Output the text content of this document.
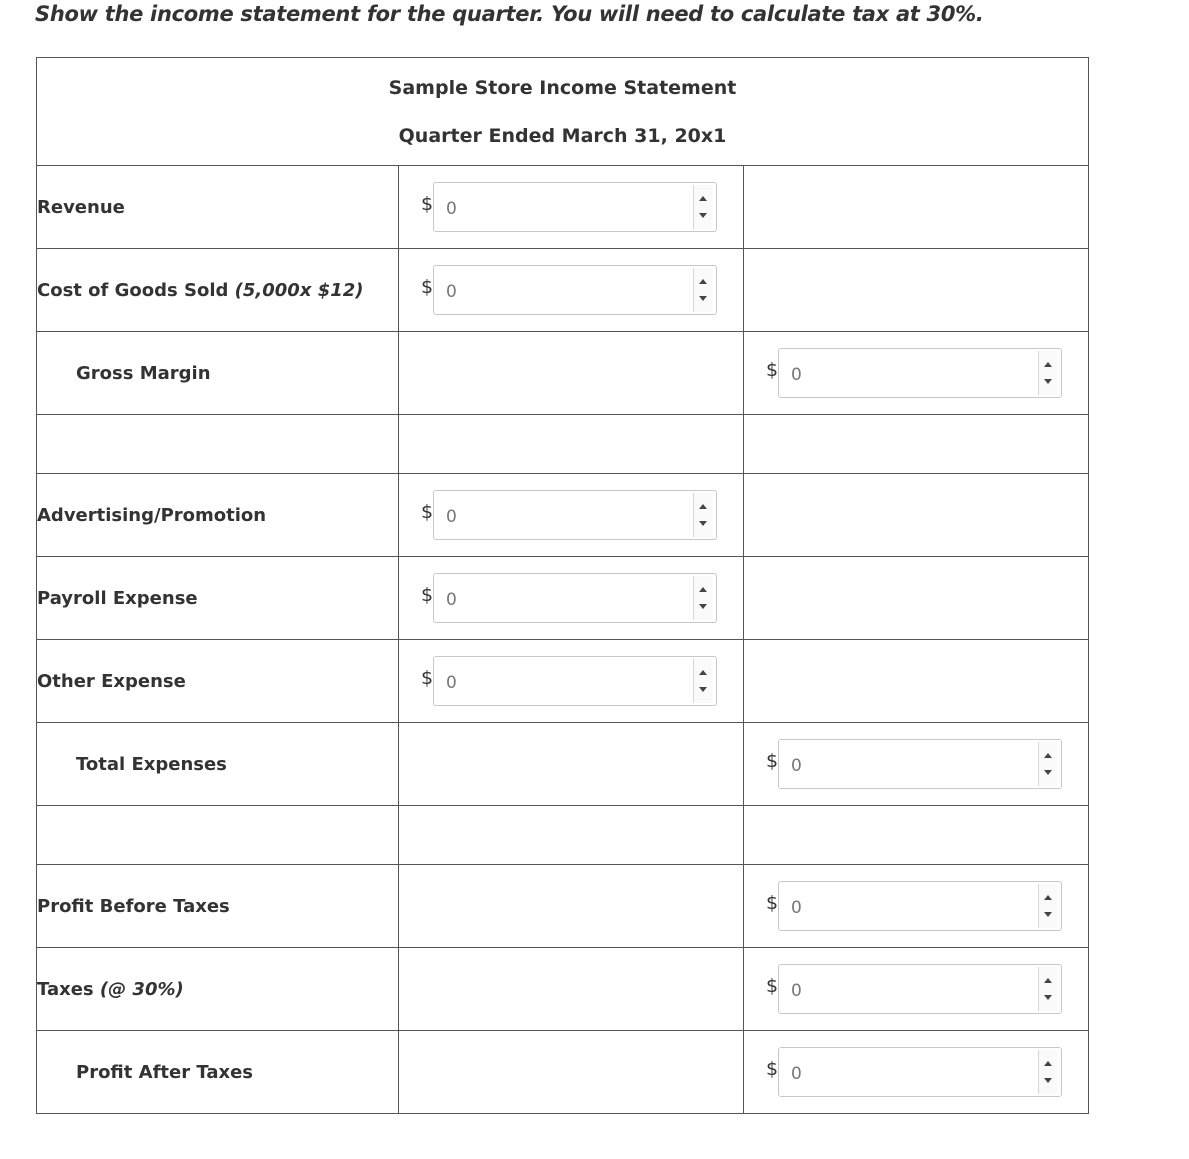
Show the income statement for the quarter. You will need to calculate tax at 30%.
Sample Store Income Statement
Quarter Ended March 31, 20x1		

Revenue	$ 0	

Cost of Goods Sold (5,000x $12)	$ 0	

Gross Margin		$ 0

Advertising/Promotion	$ 0	

Payroll Expense	$ 0	

Other Expense	$ 0	

Total Expenses		$ 0

Profit Before Taxes		$ 0

Taxes (@ 30%)		$ 0

Profit After Taxes		$ 0
